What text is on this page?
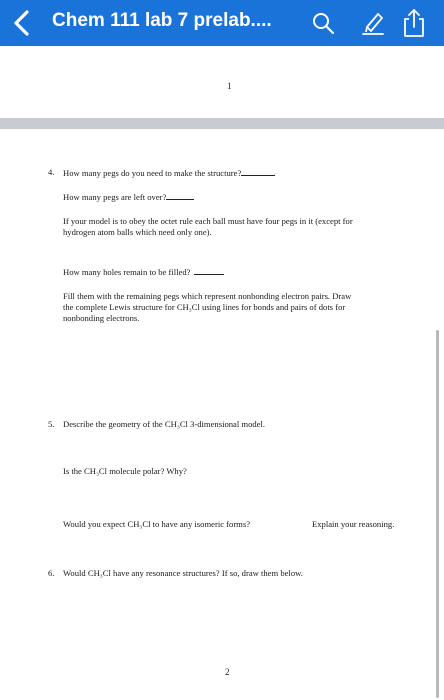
Chem 111 lab 7 prelab....
1
4. How many pegs do you need to make the structure?
How many pegs are left over?
If your model is to obey the octet rule each ball must have four pegs in it (except for
hydrogen atom balls which need only one).
How many holes remain to be filled?
Fill them with the remaining pegs which represent nonbonding electron pairs. Draw
the complete Lewis structure for CH₃Cl using lines for bonds and pairs of dots for
nonbonding electrons.
5. Describe the geometry of the CH₃Cl 3-dimensional model.
Is the CH₃Cl molecule polar? Why?
Would you expect CH₃Cl to have any isomeric forms?	Explain your reasoning.
6. Would CH₃Cl have any resonance structures? If so, draw them below.
2
